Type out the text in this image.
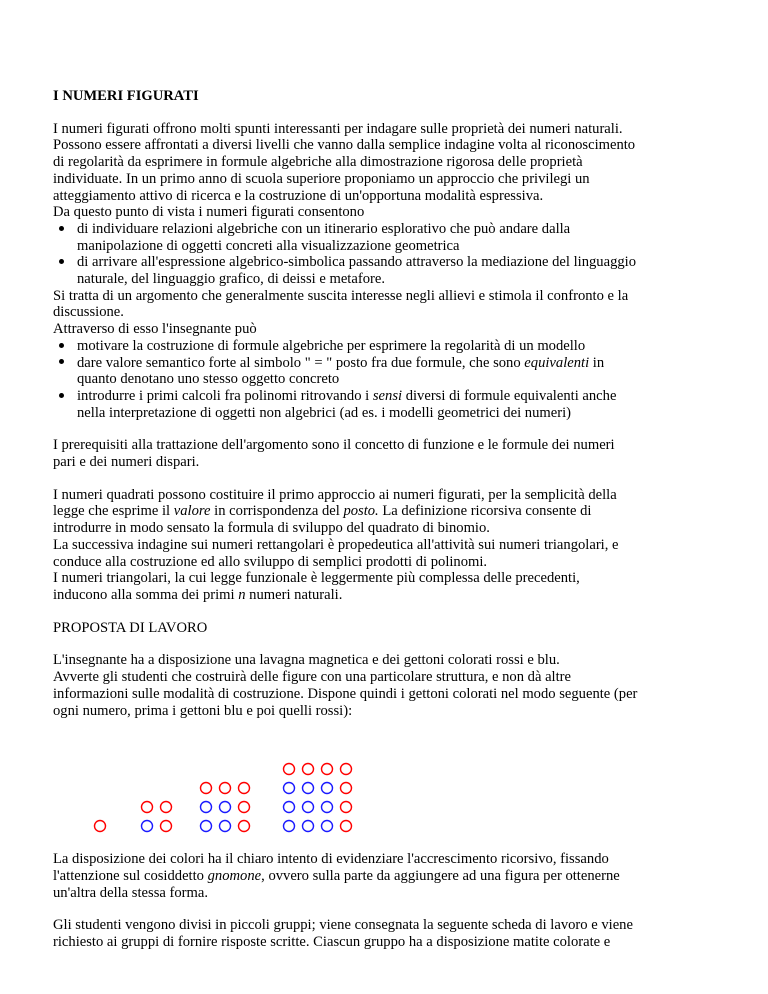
I NUMERI FIGURATI

I numeri figurati offrono molti spunti interessanti per indagare sulle proprietà dei numeri naturali.

Possono essere affrontati a diversi livelli che vanno dalla semplice indagine volta al riconoscimento

di regolarità da esprimere in formule algebriche alla dimostrazione rigorosa delle proprietà

individuate. In un primo anno di scuola superiore proponiamo un approccio che privilegi un

atteggiamento attivo di ricerca e la costruzione di un'opportuna modalità espressiva.

Da questo punto di vista i numeri figurati consentono

di individuare relazioni algebriche con un itinerario esplorativo che può andare dalla

manipolazione di oggetti concreti alla visualizzazione geometrica

di arrivare all'espressione algebrico-simbolica passando attraverso la mediazione del linguaggio

naturale, del linguaggio grafico, di deissi e metafore.

Si tratta di un argomento che generalmente suscita interesse negli allievi e stimola il confronto e la

discussione.

Attraverso di esso l'insegnante può

motivare la costruzione di formule algebriche per esprimere la regolarità di un modello

dare valore semantico forte al simbolo " = " posto fra due formule, che sono equivalenti in

quanto denotano uno stesso oggetto concreto

introdurre i primi calcoli fra polinomi ritrovando i sensi diversi di formule equivalenti anche

nella interpretazione di oggetti non algebrici (ad es. i modelli geometrici dei numeri)

I prerequisiti alla trattazione dell'argomento sono il concetto di funzione e le formule dei numeri

pari e dei numeri dispari.

I numeri quadrati possono costituire il primo approccio ai numeri figurati, per la semplicità della

legge che esprime il valore in corrispondenza del posto. La definizione ricorsiva consente di

introdurre in modo sensato la formula di sviluppo del quadrato di binomio.

La successiva indagine sui numeri rettangolari è propedeutica all'attività sui numeri triangolari, e

conduce alla costruzione ed allo sviluppo di semplici prodotti di polinomi.

I numeri triangolari, la cui legge funzionale è leggermente più complessa delle precedenti,

inducono alla somma dei primi n numeri naturali.

PROPOSTA DI LAVORO

L'insegnante ha a disposizione una lavagna magnetica e dei gettoni colorati rossi e blu.

Avverte gli studenti che costruirà delle figure con una particolare struttura, e non dà altre

informazioni sulle modalità di costruzione. Dispone quindi i gettoni colorati nel modo seguente (per

ogni numero, prima i gettoni blu e poi quelli rossi):

La disposizione dei colori ha il chiaro intento di evidenziare l'accrescimento ricorsivo, fissando

l'attenzione sul cosiddetto gnomone, ovvero sulla parte da aggiungere ad una figura per ottenerne

un'altra della stessa forma.

Gli studenti vengono divisi in piccoli gruppi; viene consegnata la seguente scheda di lavoro e viene

richiesto ai gruppi di fornire risposte scritte. Ciascun gruppo ha a disposizione matite colorate e
